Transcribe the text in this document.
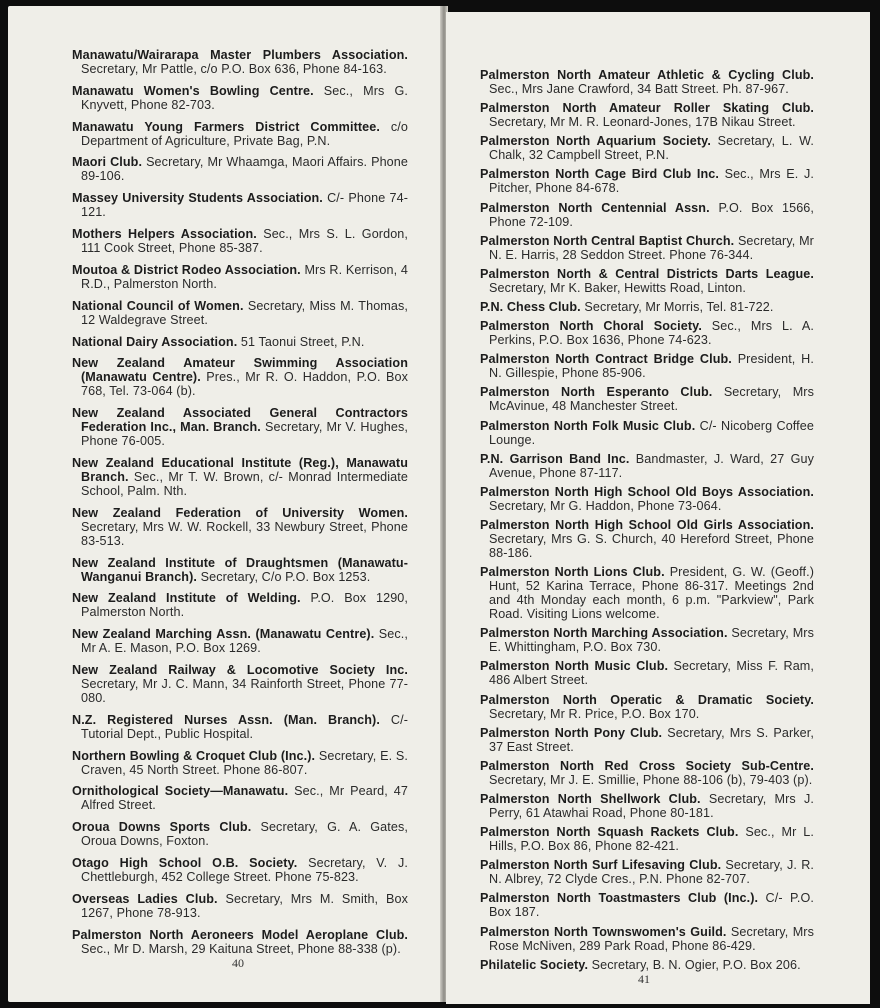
Manawatu/Wairarapa Master Plumbers Association. Secretary, Mr Pattle, c/o P.O. Box 636, Phone 84-163.
Manawatu Women's Bowling Centre. Sec., Mrs G. Knyvett, Phone 82-703.
Manawatu Young Farmers District Committee. c/o Department of Agriculture, Private Bag, P.N.
Maori Club. Secretary, Mr Whaamga, Maori Affairs. Phone 89-106.
Massey University Students Association. C/- Phone 74-121.
Mothers Helpers Association. Sec., Mrs S. L. Gordon, 111 Cook Street, Phone 85-387.
Moutoa & District Rodeo Association. Mrs R. Kerrison, 4 R.D., Palmerston North.
National Council of Women. Secretary, Miss M. Thomas, 12 Waldegrave Street.
National Dairy Association. 51 Taonui Street, P.N.
New Zealand Amateur Swimming Association (Manawatu Centre). Pres., Mr R. O. Haddon, P.O. Box 768, Tel. 73-064 (b).
New Zealand Associated General Contractors Federation Inc., Man. Branch. Secretary, Mr V. Hughes, Phone 76-005.
New Zealand Educational Institute (Reg.), Manawatu Branch. Sec., Mr T. W. Brown, c/- Monrad Intermediate School, Palm. Nth.
New Zealand Federation of University Women. Secretary, Mrs W. W. Rockell, 33 Newbury Street, Phone 83-513.
New Zealand Institute of Draughtsmen (Manawatu-Wanganui Branch). Secretary, C/o P.O. Box 1253.
New Zealand Institute of Welding. P.O. Box 1290, Palmerston North.
New Zealand Marching Assn. (Manawatu Centre). Sec., Mr A. E. Mason, P.O. Box 1269.
New Zealand Railway & Locomotive Society Inc. Secretary, Mr J. C. Mann, 34 Rainforth Street, Phone 77-080.
N.Z. Registered Nurses Assn. (Man. Branch). C/- Tutorial Dept., Public Hospital.
Northern Bowling & Croquet Club (Inc.). Secretary, E. S. Craven, 45 North Street. Phone 86-807.
Ornithological Society—Manawatu. Sec., Mr Peard, 47 Alfred Street.
Oroua Downs Sports Club. Secretary, G. A. Gates, Oroua Downs, Foxton.
Otago High School O.B. Society. Secretary, V. J. Chettleburgh, 452 College Street. Phone 75-823.
Overseas Ladies Club. Secretary, Mrs M. Smith, Box 1267, Phone 78-913.
Palmerston North Aeroneers Model Aeroplane Club. Sec., Mr D. Marsh, 29 Kaituna Street, Phone 88-338 (p).
40
Palmerston North Amateur Athletic & Cycling Club. Sec., Mrs Jane Crawford, 34 Batt Street. Ph. 87-967.
Palmerston North Amateur Roller Skating Club. Secretary, Mr M. R. Leonard-Jones, 17B Nikau Street.
Palmerston North Aquarium Society. Secretary, L. W. Chalk, 32 Campbell Street, P.N.
Palmerston North Cage Bird Club Inc. Sec., Mrs E. J. Pitcher, Phone 84-678.
Palmerston North Centennial Assn. P.O. Box 1566, Phone 72-109.
Palmerston North Central Baptist Church. Secretary, Mr N. E. Harris, 28 Seddon Street. Phone 76-344.
Palmerston North & Central Districts Darts League. Secretary, Mr K. Baker, Hewitts Road, Linton.
P.N. Chess Club. Secretary, Mr Morris, Tel. 81-722.
Palmerston North Choral Society. Sec., Mrs L. A. Perkins, P.O. Box 1636, Phone 74-623.
Palmerston North Contract Bridge Club. President, H. N. Gillespie, Phone 85-906.
Palmerston North Esperanto Club. Secretary, Mrs McAvinue, 48 Manchester Street.
Palmerston North Folk Music Club. C/- Nicoberg Coffee Lounge.
P.N. Garrison Band Inc. Bandmaster, J. Ward, 27 Guy Avenue, Phone 87-117.
Palmerston North High School Old Boys Association. Secretary, Mr G. Haddon, Phone 73-064.
Palmerston North High School Old Girls Association. Secretary, Mrs G. S. Church, 40 Hereford Street, Phone 88-186.
Palmerston North Lions Club. President, G. W. (Geoff.) Hunt, 52 Karina Terrace, Phone 86-317. Meetings 2nd and 4th Monday each month, 6 p.m. "Parkview", Park Road. Visiting Lions welcome.
Palmerston North Marching Association. Secretary, Mrs E. Whittingham, P.O. Box 730.
Palmerston North Music Club. Secretary, Miss F. Ram, 486 Albert Street.
Palmerston North Operatic & Dramatic Society. Secretary, Mr R. Price, P.O. Box 170.
Palmerston North Pony Club. Secretary, Mrs S. Parker, 37 East Street.
Palmerston North Red Cross Society Sub-Centre. Secretary, Mr J. E. Smillie, Phone 88-106 (b), 79-403 (p).
Palmerston North Shellwork Club. Secretary, Mrs J. Perry, 61 Atawhai Road, Phone 80-181.
Palmerston North Squash Rackets Club. Sec., Mr L. Hills, P.O. Box 86, Phone 82-421.
Palmerston North Surf Lifesaving Club. Secretary, J. R. N. Albrey, 72 Clyde Cres., P.N. Phone 82-707.
Palmerston North Toastmasters Club (Inc.). C/- P.O. Box 187.
Palmerston North Townswomen's Guild. Secretary, Mrs Rose McNiven, 289 Park Road, Phone 86-429.
Philatelic Society. Secretary, B. N. Ogier, P.O. Box 206.
41
